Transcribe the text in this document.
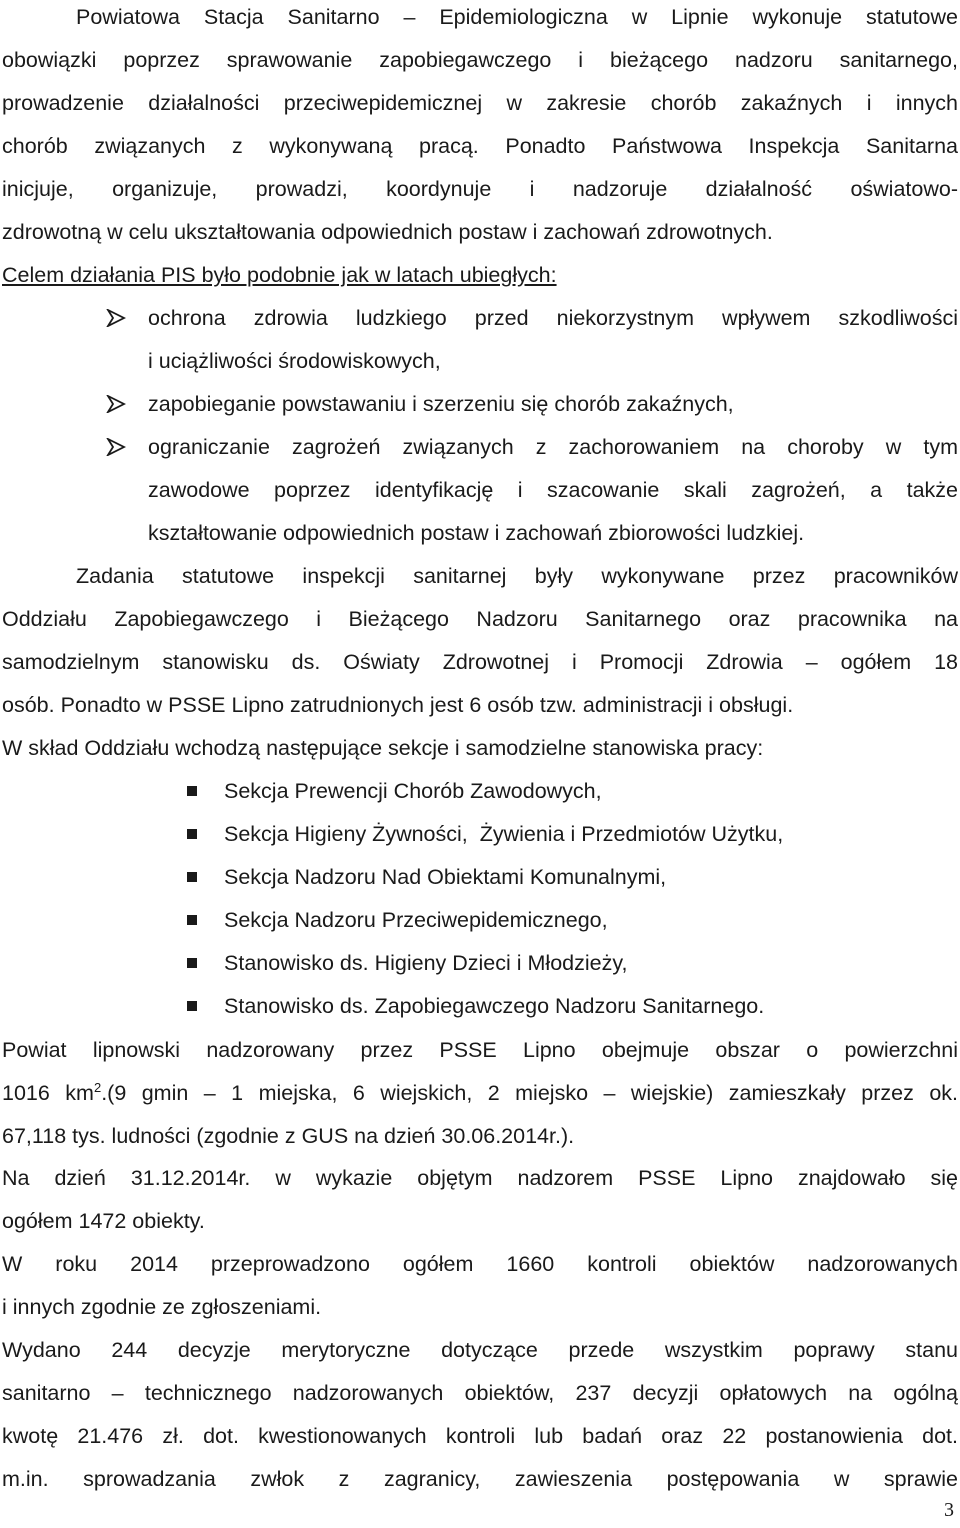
Powiatowa Stacja Sanitarno – Epidemiologiczna w Lipnie wykonuje statutowe
obowiązki poprzez sprawowanie zapobiegawczego i bieżącego nadzoru sanitarnego,
prowadzenie działalności przeciwepidemicznej w zakresie chorób zakaźnych i innych
chorób związanych z wykonywaną pracą. Ponadto Państwowa Inspekcja Sanitarna
inicjuje, organizuje, prowadzi, koordynuje i nadzoruje działalność oświatowo-
zdrowotną w celu ukształtowania odpowiednich postaw i zachowań zdrowotnych.
Celem działania PIS było podobnie jak w latach ubiegłych:
ochrona zdrowia ludzkiego przed niekorzystnym wpływem szkodliwości
i uciążliwości środowiskowych,
zapobieganie powstawaniu i szerzeniu się chorób zakaźnych,
ograniczanie zagrożeń związanych z zachorowaniem na choroby w tym
zawodowe poprzez identyfikację i szacowanie skali zagrożeń, a także
kształtowanie odpowiednich postaw i zachowań zbiorowości ludzkiej.
Zadania statutowe inspekcji sanitarnej były wykonywane przez pracowników
Oddziału Zapobiegawczego i Bieżącego Nadzoru Sanitarnego oraz pracownika na
samodzielnym stanowisku ds. Oświaty Zdrowotnej i Promocji Zdrowia – ogółem 18
osób. Ponadto w PSSE Lipno zatrudnionych jest 6 osób tzw. administracji i obsługi.
W skład Oddziału wchodzą następujące sekcje i samodzielne stanowiska pracy:
Sekcja Prewencji Chorób Zawodowych,
Sekcja Higieny Żywności,  Żywienia i Przedmiotów Użytku,
Sekcja Nadzoru Nad Obiektami Komunalnymi,
Sekcja Nadzoru Przeciwepidemicznego,
Stanowisko ds. Higieny Dzieci i Młodzieży,
Stanowisko ds. Zapobiegawczego Nadzoru Sanitarnego.
Powiat lipnowski nadzorowany przez PSSE Lipno obejmuje obszar o powierzchni
1016 $km^2.(9$ gmin – 1 miejska, 6 wiejskich, 2 miejsko – wiejskie) zamieszkały przez ok.
67,118 tys. ludności (zgodnie z GUS na dzień 30.06.2014r.).
Na dzień 31.12.2014r. w wykazie objętym nadzorem PSSE Lipno znajdowało się
ogółem 1472 obiekty.
W roku 2014 przeprowadzono ogółem 1660 kontroli obiektów nadzorowanych
i innych zgodnie ze zgłoszeniami.
Wydano 244 decyzje merytoryczne dotyczące przede wszystkim poprawy stanu
sanitarno – technicznego nadzorowanych obiektów, 237 decyzji opłatowych na ogólną
kwotę 21.476 zł. dot. kwestionowanych kontroli lub badań oraz 22 postanowienia dot.
m.in. sprowadzania zwłok z zagranicy, zawieszenia postępowania w sprawie
3
